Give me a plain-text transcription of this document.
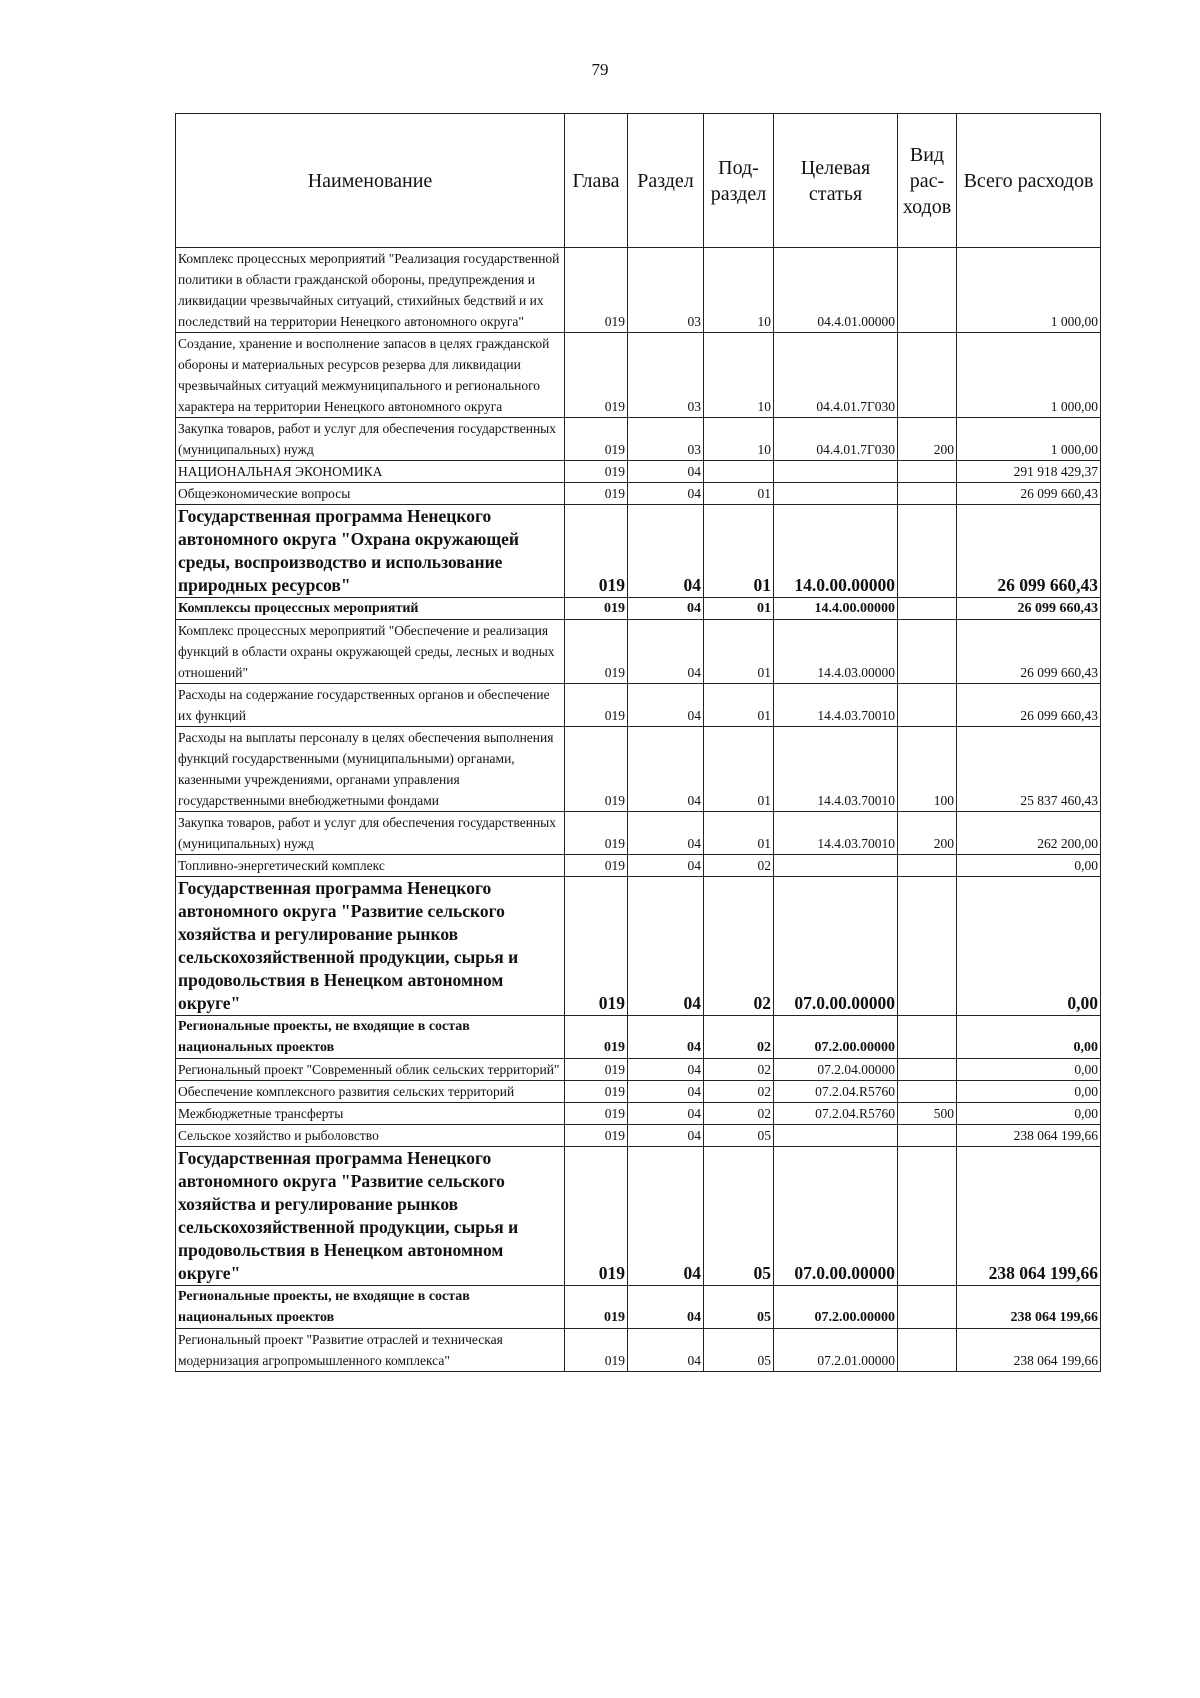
79
Наименование	Глава	Раздел	Под-раздел	Целевая статья	Вид рас-ходов	Всего расходов
Комплекс процессных мероприятий "Реализация государственной политики в области гражданской обороны, предупреждения и ликвидации чрезвычайных ситуаций, стихийных бедствий и их последствий на территории Ненецкого автономного округа"	019	03	10	04.4.01.00000		1 000,00
Создание, хранение и восполнение запасов в целях гражданской обороны и материальных ресурсов резерва для ликвидации чрезвычайных ситуаций межмуниципального и регионального характера на территории Ненецкого автономного округа	019	03	10	04.4.01.7Г030		1 000,00
Закупка товаров, работ и услуг для обеспечения государственных (муниципальных) нужд	019	03	10	04.4.01.7Г030	200	1 000,00
НАЦИОНАЛЬНАЯ ЭКОНОМИКА	019	04				291 918 429,37
Общеэкономические вопросы	019	04	01			26 099 660,43
Государственная программа Ненецкого автономного округа "Охрана окружающей среды, воспроизводство и использование природных ресурсов"	019	04	01	14.0.00.00000		26 099 660,43
Комплексы процессных мероприятий	019	04	01	14.4.00.00000		26 099 660,43
Комплекс процессных мероприятий "Обеспечение и реализация функций в области охраны окружающей среды, лесных и водных отношений"	019	04	01	14.4.03.00000		26 099 660,43
Расходы на содержание государственных органов и обеспечение их функций	019	04	01	14.4.03.70010		26 099 660,43
Расходы на выплаты персоналу в целях обеспечения выполнения функций государственными (муниципальными) органами, казенными учреждениями, органами управления государственными внебюджетными фондами	019	04	01	14.4.03.70010	100	25 837 460,43
Закупка товаров, работ и услуг для обеспечения государственных (муниципальных) нужд	019	04	01	14.4.03.70010	200	262 200,00
Топливно-энергетический комплекс	019	04	02			0,00
Государственная программа Ненецкого автономного округа "Развитие сельского хозяйства и регулирование рынков сельскохозяйственной продукции, сырья и продовольствия в Ненецком автономном округе"	019	04	02	07.0.00.00000		0,00
Региональные проекты, не входящие в состав национальных проектов	019	04	02	07.2.00.00000		0,00
Региональный проект "Современный облик сельских территорий"	019	04	02	07.2.04.00000		0,00
Обеспечение комплексного развития сельских территорий	019	04	02	07.2.04.R5760		0,00
Межбюджетные трансферты	019	04	02	07.2.04.R5760	500	0,00
Сельское хозяйство и рыболовство	019	04	05			238 064 199,66
Государственная программа Ненецкого автономного округа "Развитие сельского хозяйства и регулирование рынков сельскохозяйственной продукции, сырья и продовольствия в Ненецком автономном округе"	019	04	05	07.0.00.00000		238 064 199,66
Региональные проекты, не входящие в состав национальных проектов	019	04	05	07.2.00.00000		238 064 199,66
Региональный проект "Развитие отраслей и техническая модернизация агропромышленного комплекса"	019	04	05	07.2.01.00000		238 064 199,66
